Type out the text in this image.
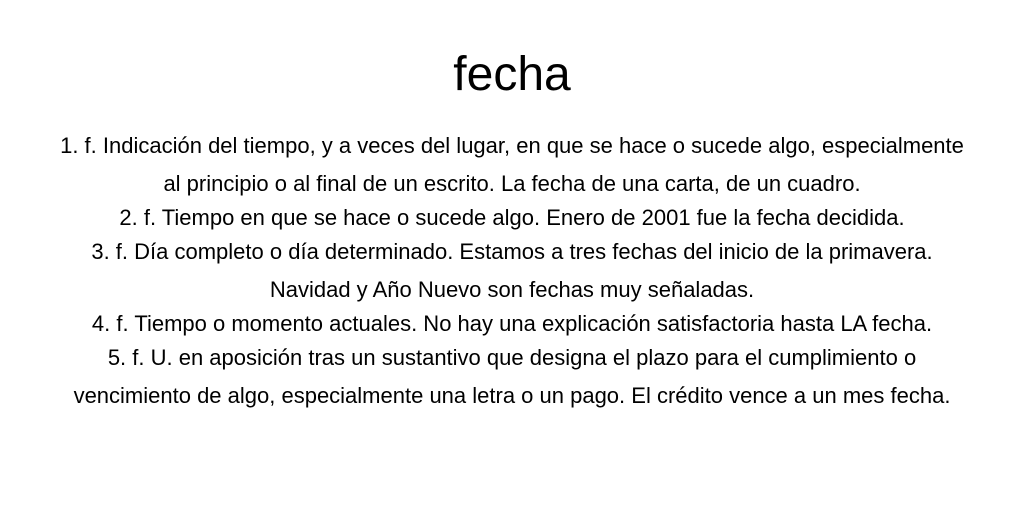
fecha
1. f. Indicación del tiempo, y a veces del lugar, en que se hace o sucede algo, especialmente al principio o al final de un escrito. La fecha de una carta, de un cuadro.
2. f. Tiempo en que se hace o sucede algo. Enero de 2001 fue la fecha decidida.
3. f. Día completo o día determinado. Estamos a tres fechas del inicio de la primavera. Navidad y Año Nuevo son fechas muy señaladas.
4. f. Tiempo o momento actuales. No hay una explicación satisfactoria hasta LA fecha.
5. f. U. en aposición tras un sustantivo que designa el plazo para el cumplimiento o vencimiento de algo, especialmente una letra o un pago. El crédito vence a un mes fecha.
